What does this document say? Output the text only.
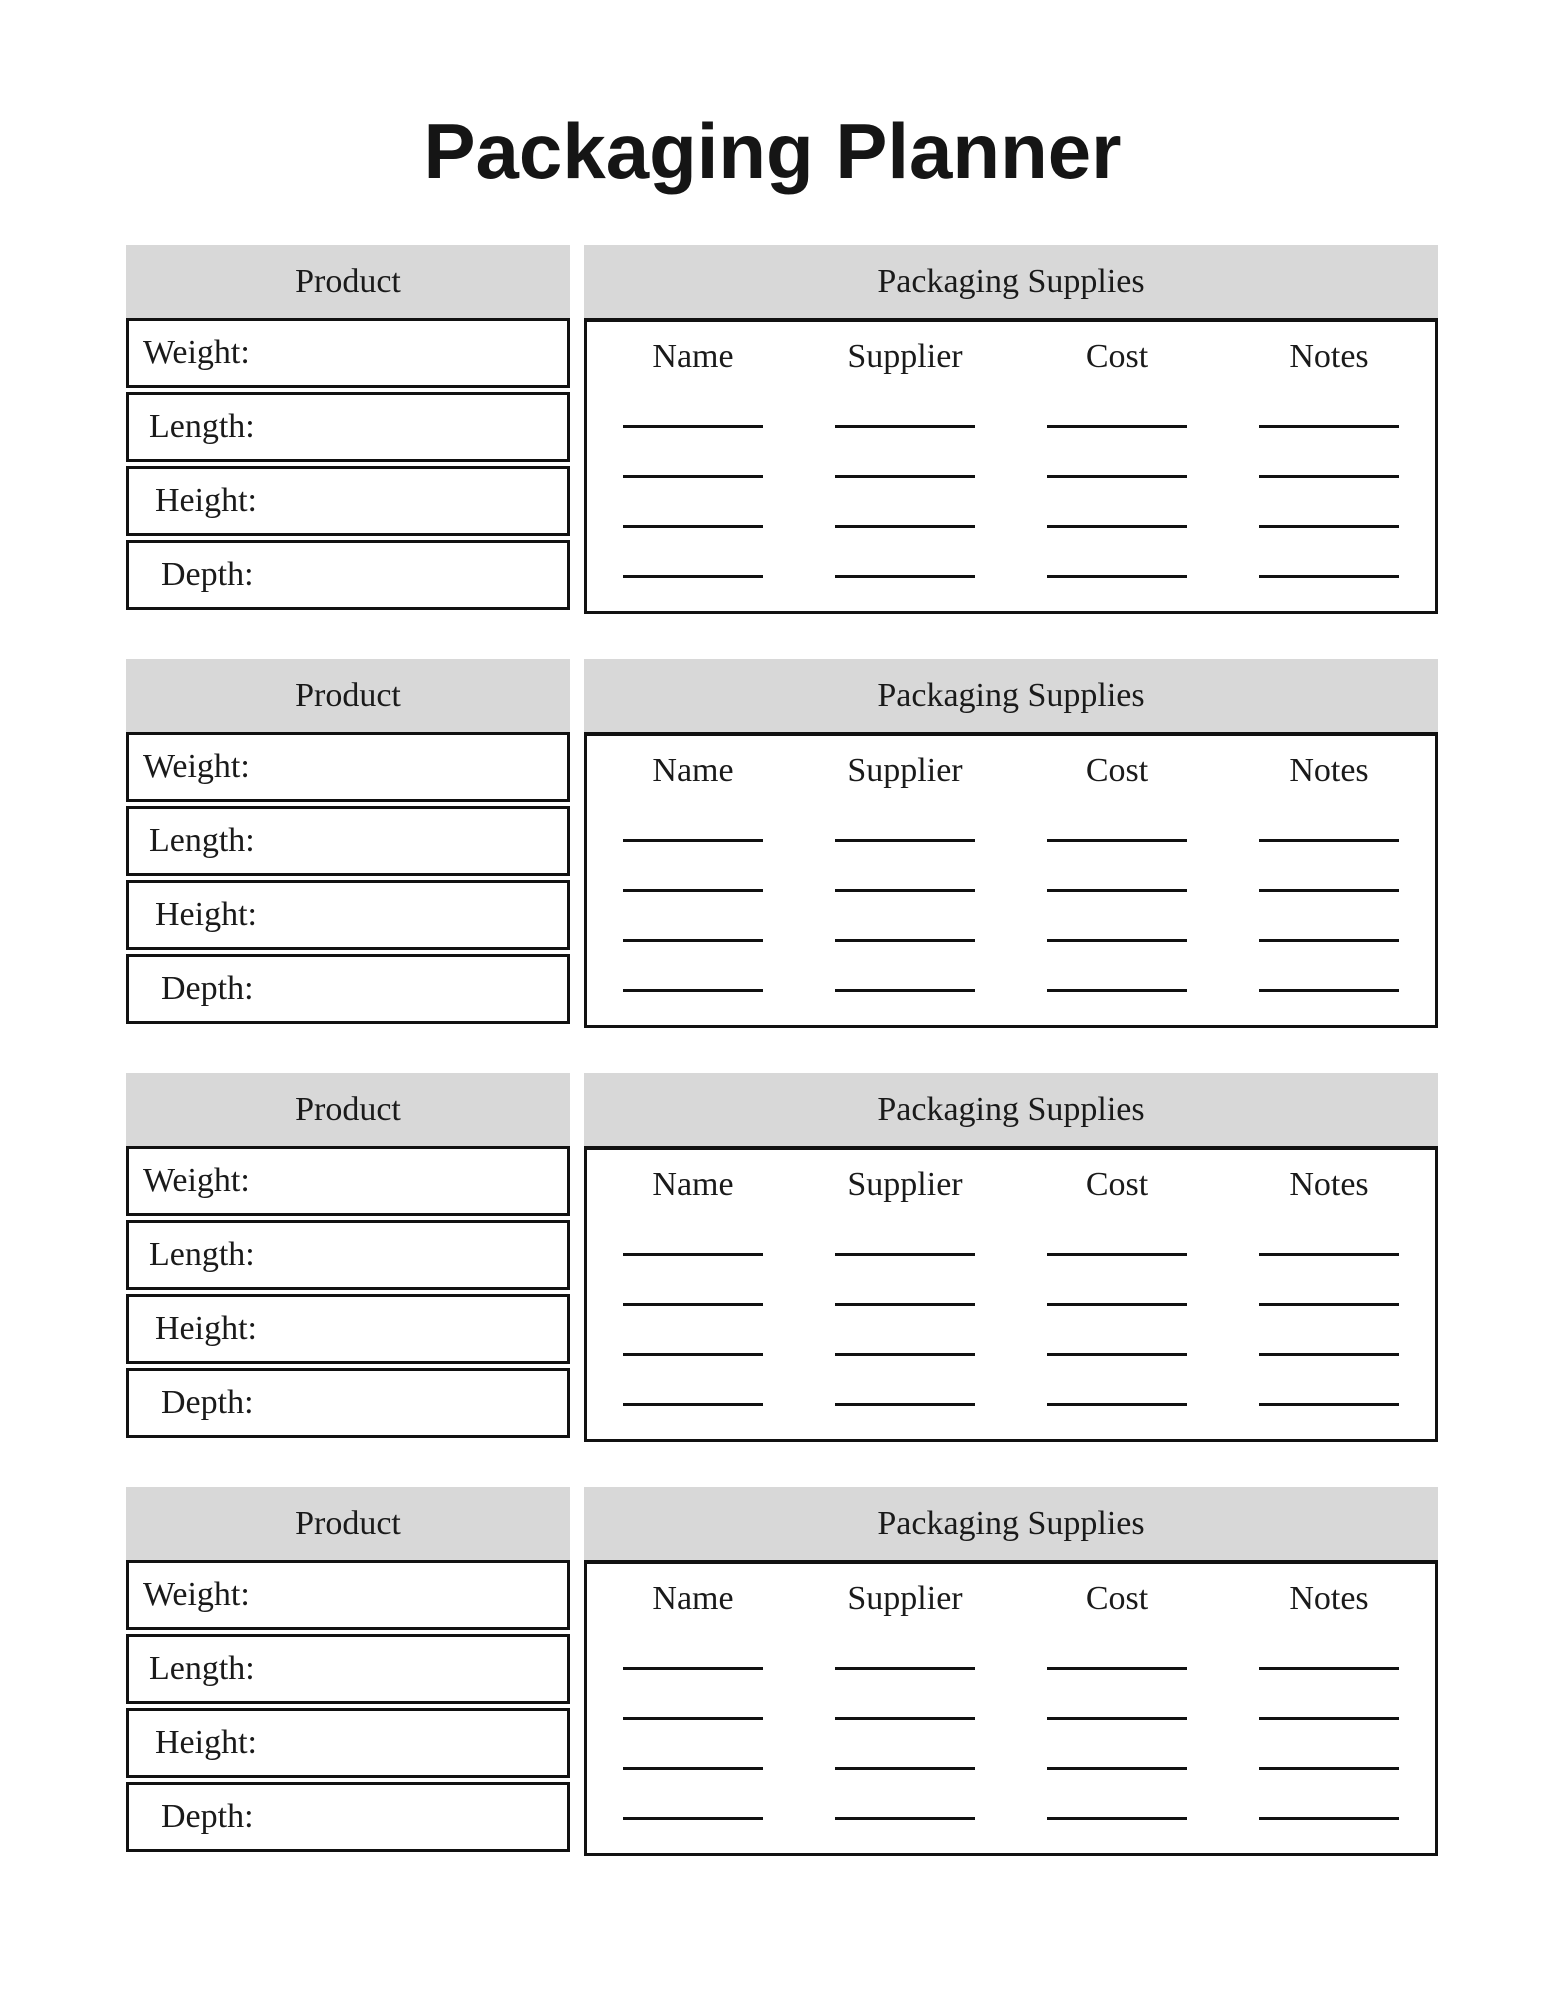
Packaging Planner
Product
Weight:
Length:
Height:
Depth:
Packaging Supplies
Name	Supplier	Cost	Notes
Product
Weight:
Length:
Height:
Depth:
Packaging Supplies
Name	Supplier	Cost	Notes
Product
Weight:
Length:
Height:
Depth:
Packaging Supplies
Name	Supplier	Cost	Notes
Product
Weight:
Length:
Height:
Depth:
Packaging Supplies
Name	Supplier	Cost	Notes
